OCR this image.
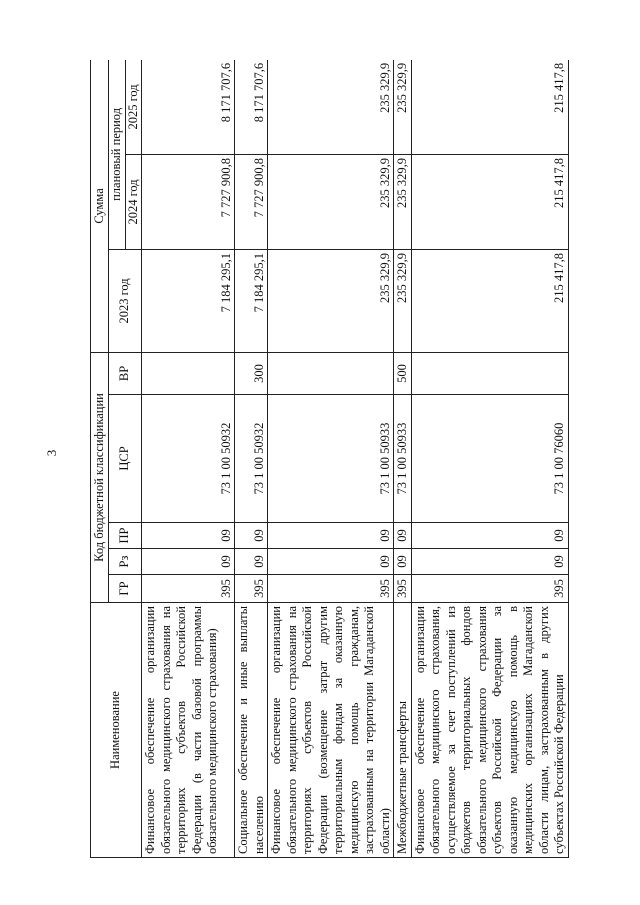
3
Наименование	Код бюджетной классификации					Сумма		
	ГР	Рз	ПР	ЦСР	ВР	2023 год	плановый период	
							2024 год	2025 год
Финансовое обеспечение организации обязательного медицинского страхования на территориях субъектов Российской Федерации (в части базовой программы обязательного медицинского страхования)	395	09	09	73 1 00 50932		7 184 295,1	7 727 900,8	8 171 707,6
Социальное обеспечение и иные выплаты населению	395	09	09	73 1 00 50932	300	7 184 295,1	7 727 900,8	8 171 707,6
Финансовое обеспечение организации обязательного медицинского страхования на территориях субъектов Российской Федерации (возмещение затрат другим территориальным фондам за оказанную медицинскую помощь гражданам, застрахованным на территории Магаданской области)	395	09	09	73 1 00 50933		235 329,9	235 329,9	235 329,9
Межбюджетные трансферты	395	09	09	73 1 00 50933	500	235 329,9	235 329,9	235 329,9
Финансовое обеспечение организации обязательного медицинского страхования, осуществляемое за счет поступлений из бюджетов территориальных фондов обязательного медицинского страхования субъектов Российской Федерации за оказанную медицинскую помощь в медицинских организациях Магаданской области лицам, застрахованным в других субъектах Российской Федерации	395	09	09	73 1 00 76060		215 417,8	215 417,8	215 417,8
